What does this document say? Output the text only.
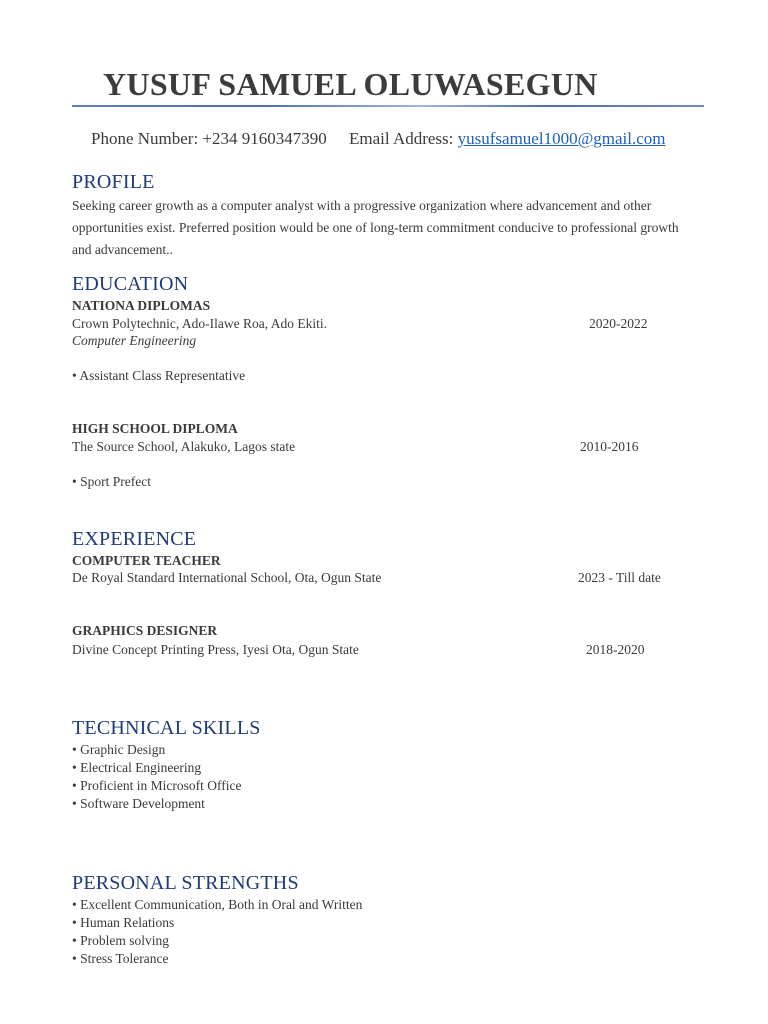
YUSUF SAMUEL OLUWASEGUN
Phone Number: +234 9160347390 Email Address: yusufsamuel1000@gmail.com
PROFILE
Seeking career growth as a computer analyst with a progressive organization where advancement and other opportunities exist. Preferred position would be one of long-term commitment conducive to professional growth and advancement..
EDUCATION
NATIONA DIPLOMAS
Crown Polytechnic, Ado-Ilawe Roa, Ado Ekiti.	2020-2022
Computer Engineering
• Assistant Class Representative
HIGH SCHOOL DIPLOMA
The Source School, Alakuko, Lagos state	2010-2016
• Sport Prefect
EXPERIENCE
COMPUTER TEACHER
De Royal Standard International School, Ota, Ogun State	2023 - Till date
GRAPHICS DESIGNER
Divine Concept Printing Press, Iyesi Ota, Ogun State	2018-2020
TECHNICAL SKILLS
• Graphic Design
• Electrical Engineering
• Proficient in Microsoft Office
• Software Development
PERSONAL STRENGTHS
• Excellent Communication, Both in Oral and Written
• Human Relations
• Problem solving
• Stress Tolerance
